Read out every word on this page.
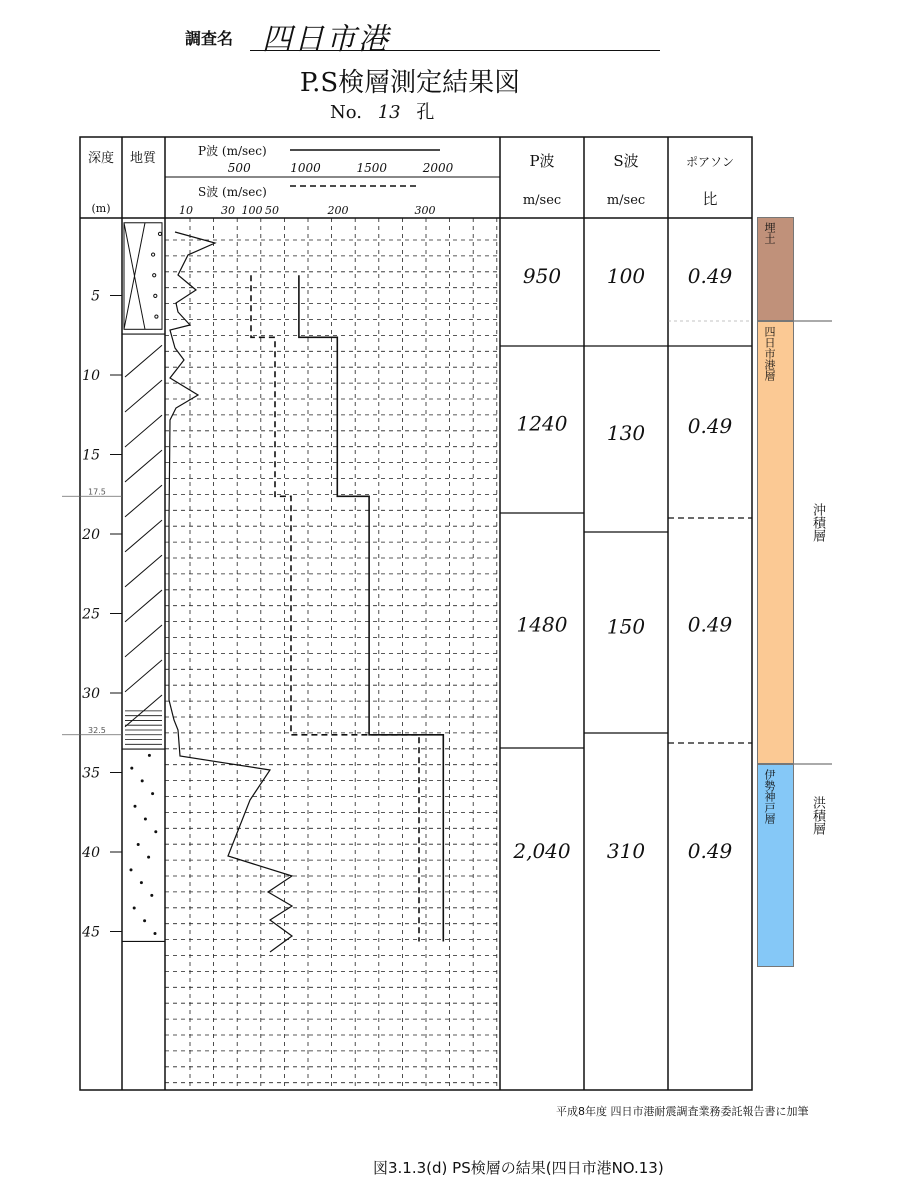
調査名 四日市港
P.S検層測定結果図
No. 13 孔
深度
(m)
地質	P波 (m/sec)
S波 (m/sec)
P波
m/sec
S波
m/sec
ポアソン
比
5
10
15
20
25
30
35
40
45
17.5
32.5
500	1000	1500	2000
10	30 100 50	200	300
950 100 0.49
1240 130 0.49
1480 150 0.49
2,040 310 0.49
埋土
四日市港層
伊勢神戸層
沖積層
洪積層
平成8年度 四日市港耐震調査業務委託報告書に加筆
図3.1.3(d) PS検層の結果(四日市港NO.13)
